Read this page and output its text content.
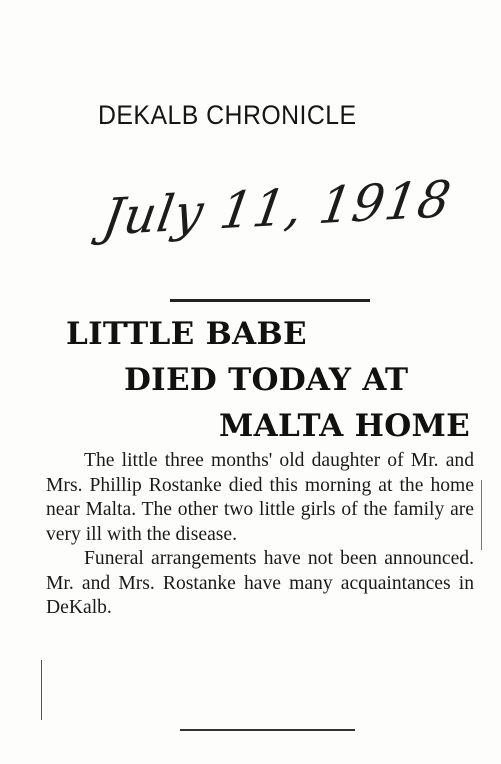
DEKALB CHRONICLE
July 11, 1918
LITTLE BABE
DIED TODAY AT
MALTA HOME

The little three months' old daughter of Mr. and Mrs. Phillip Rostanke died this morning at the home near Malta. The other two little girls of the family are very ill with the disease.

Funeral arrangements have not been announced. Mr. and Mrs. Rostanke have many acquaintances in DeKalb.
